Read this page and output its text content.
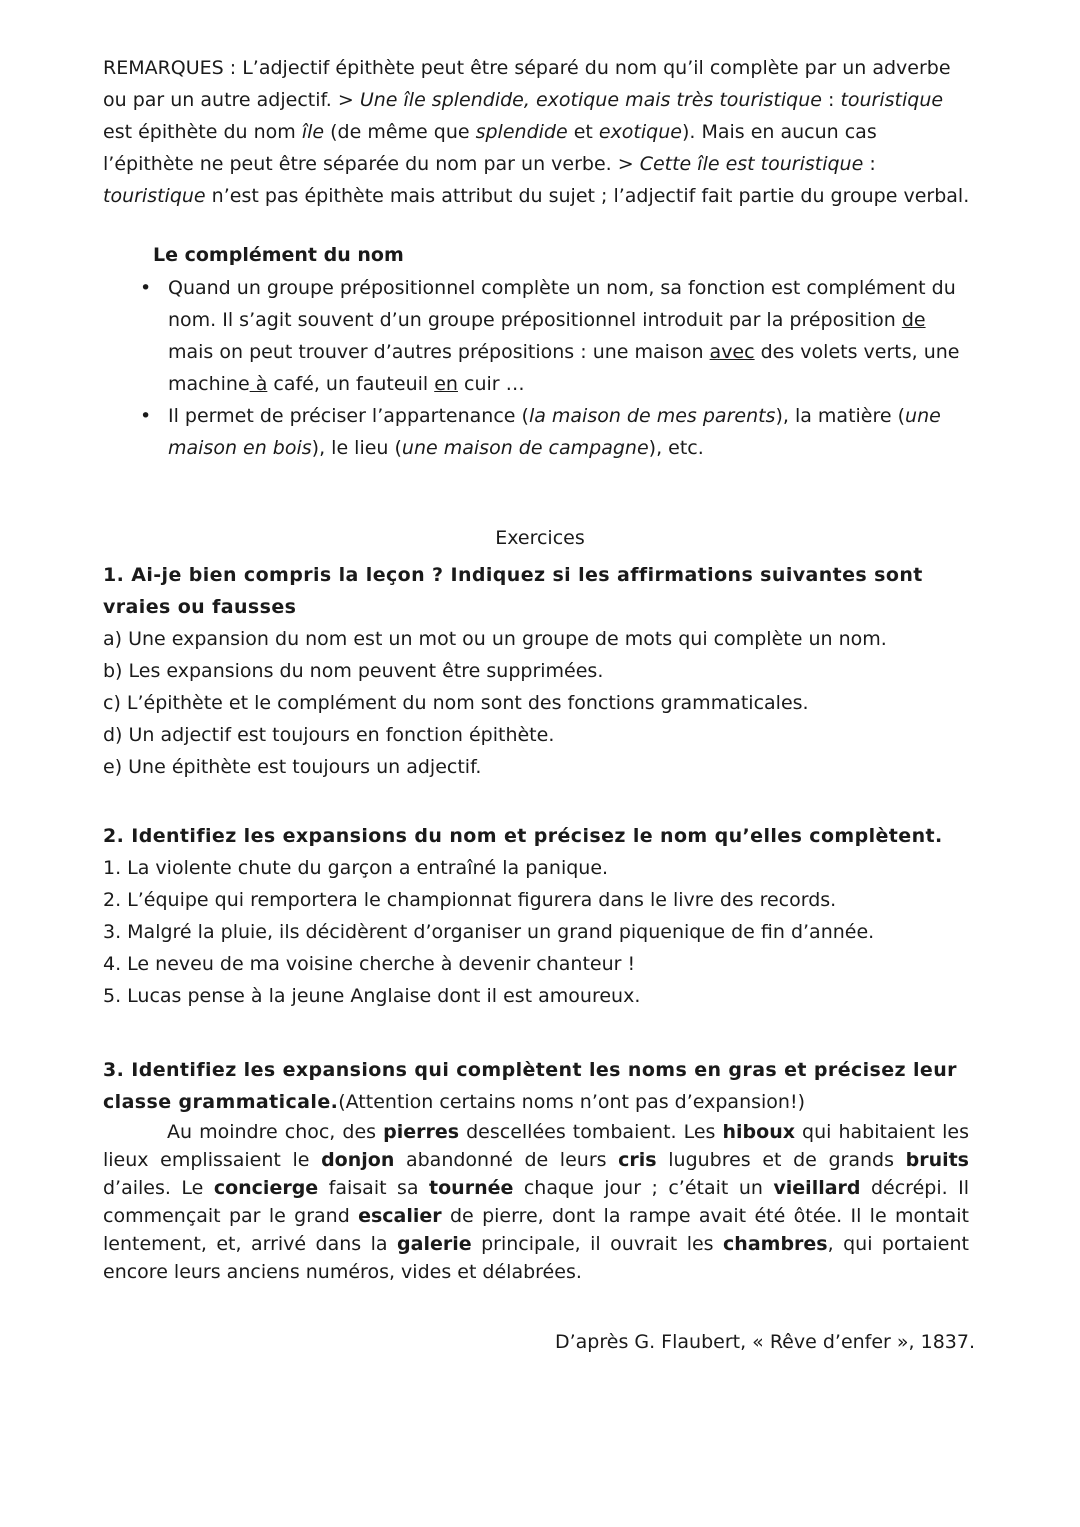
REMARQUES : L’adjectif épithète peut être séparé du nom qu’il complète par un adverbe ou par un autre adjectif. > Une île splendide, exotique mais très touristique : touristique est épithète du nom île (de même que splendide et exotique). Mais en aucun cas l’épithète ne peut être séparée du nom par un verbe. > Cette île est touristique : touristique n’est pas épithète mais attribut du sujet ; l’adjectif fait partie du groupe verbal.
Le complément du nom
• Quand un groupe prépositionnel complète un nom, sa fonction est complément du nom. Il s’agit souvent d’un groupe prépositionnel introduit par la préposition de mais on peut trouver d’autres prépositions : une maison avec des volets verts, une machine à café, un fauteuil en cuir …
• Il permet de préciser l’appartenance (la maison de mes parents), la matière (une maison en bois), le lieu (une maison de campagne), etc.
Exercices
1. Ai-je bien compris la leçon ? Indiquez si les affirmations suivantes sont vraies ou fausses
a) Une expansion du nom est un mot ou un groupe de mots qui complète un nom.
b) Les expansions du nom peuvent être supprimées.
c) L’épithète et le complément du nom sont des fonctions grammaticales.
d) Un adjectif est toujours en fonction épithète.
e) Une épithète est toujours un adjectif.
2. Identifiez les expansions du nom et précisez le nom qu’elles complètent.
1. La violente chute du garçon a entraîné la panique.
2. L’équipe qui remportera le championnat figurera dans le livre des records.
3. Malgré la pluie, ils décidèrent d’organiser un grand piquenique de fin d’année.
4. Le neveu de ma voisine cherche à devenir chanteur !
5. Lucas pense à la jeune Anglaise dont il est amoureux.
3. Identifiez les expansions qui complètent les noms en gras et précisez leur classe grammaticale.(Attention certains noms n’ont pas d’expansion!)
Au moindre choc, des pierres descellées tombaient. Les hiboux qui habitaient les lieux emplissaient le donjon abandonné de leurs cris lugubres et de grands bruits d’ailes. Le concierge faisait sa tournée chaque jour ; c’était un vieillard décrépi. Il commençait par le grand escalier de pierre, dont la rampe avait été ôtée. Il le montait lentement, et, arrivé dans la galerie principale, il ouvrait les chambres, qui portaient encore leurs anciens numéros, vides et délabrées.
D’après G. Flaubert, « Rêve d’enfer », 1837.
